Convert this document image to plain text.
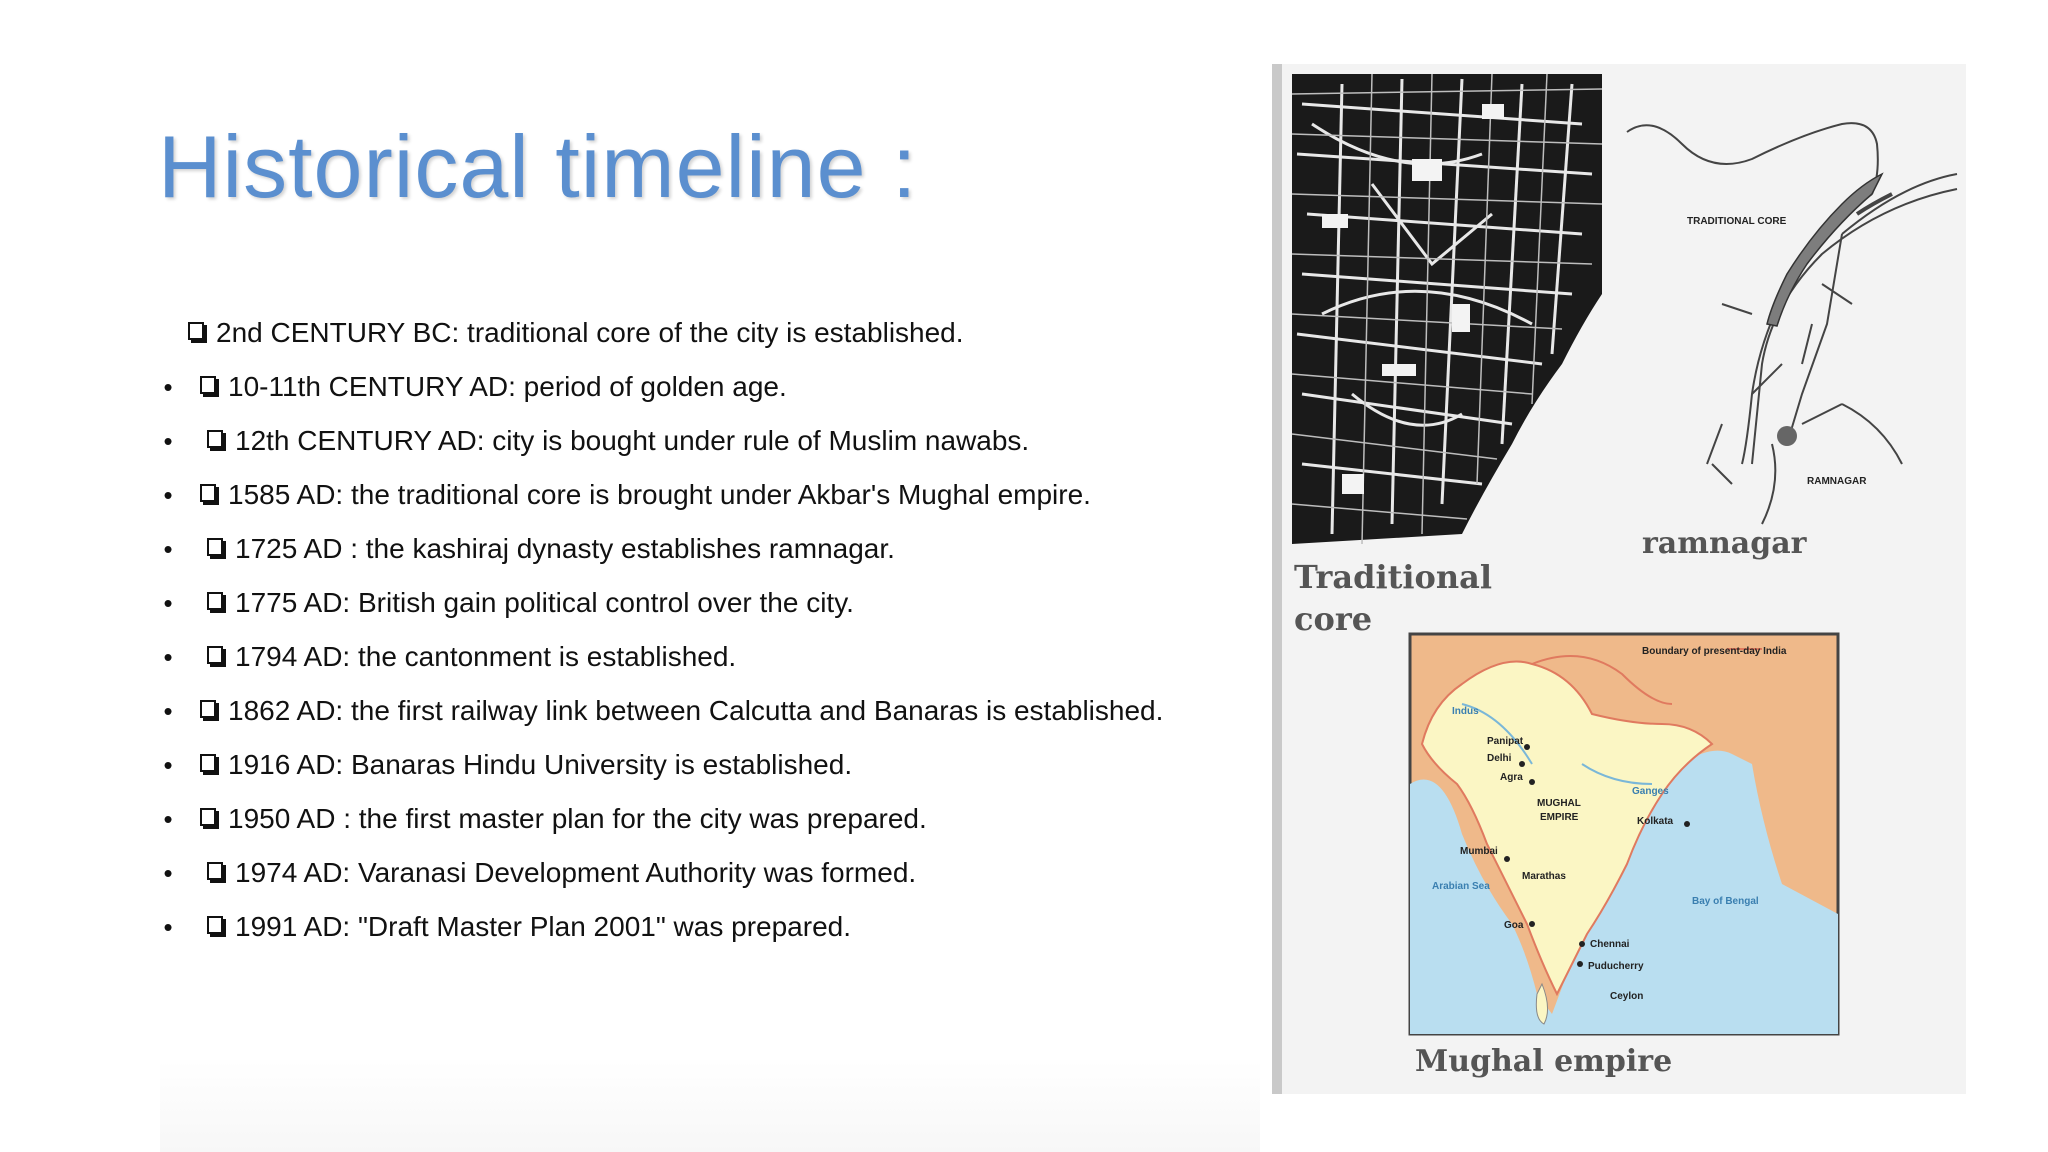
Historical timeline :
2nd CENTURY BC: traditional core of the city is established.
• 10-11th CENTURY AD: period of golden age.
• 12th CENTURY AD: city is bought under rule of Muslim nawabs.
• 1585 AD: the traditional core is brought under Akbar's Mughal empire.
• 1725 AD : the kashiraj dynasty establishes ramnagar.
• 1775 AD: British gain political control over the city.
• 1794 AD: the cantonment is established.
• 1862 AD: the first railway link between Calcutta and Banaras is established.
• 1916 AD: Banaras Hindu University is established.
• 1950 AD : the first master plan for the city was prepared.
• 1974 AD: Varanasi Development Authority was formed.
• 1991 AD: "Draft Master Plan 2001" was prepared.
TRADITIONAL CORE
RAMNAGAR
Boundary of present-day India
Indus
Panipat
Delhi
Agra
MUGHAL
EMPIRE
Ganges
Kolkata
Mumbai
Marathas
Arabian Sea
Bay of Bengal
Goa
Chennai
Puducherry
Ceylon
Traditional
core
ramnagar
Mughal empire
